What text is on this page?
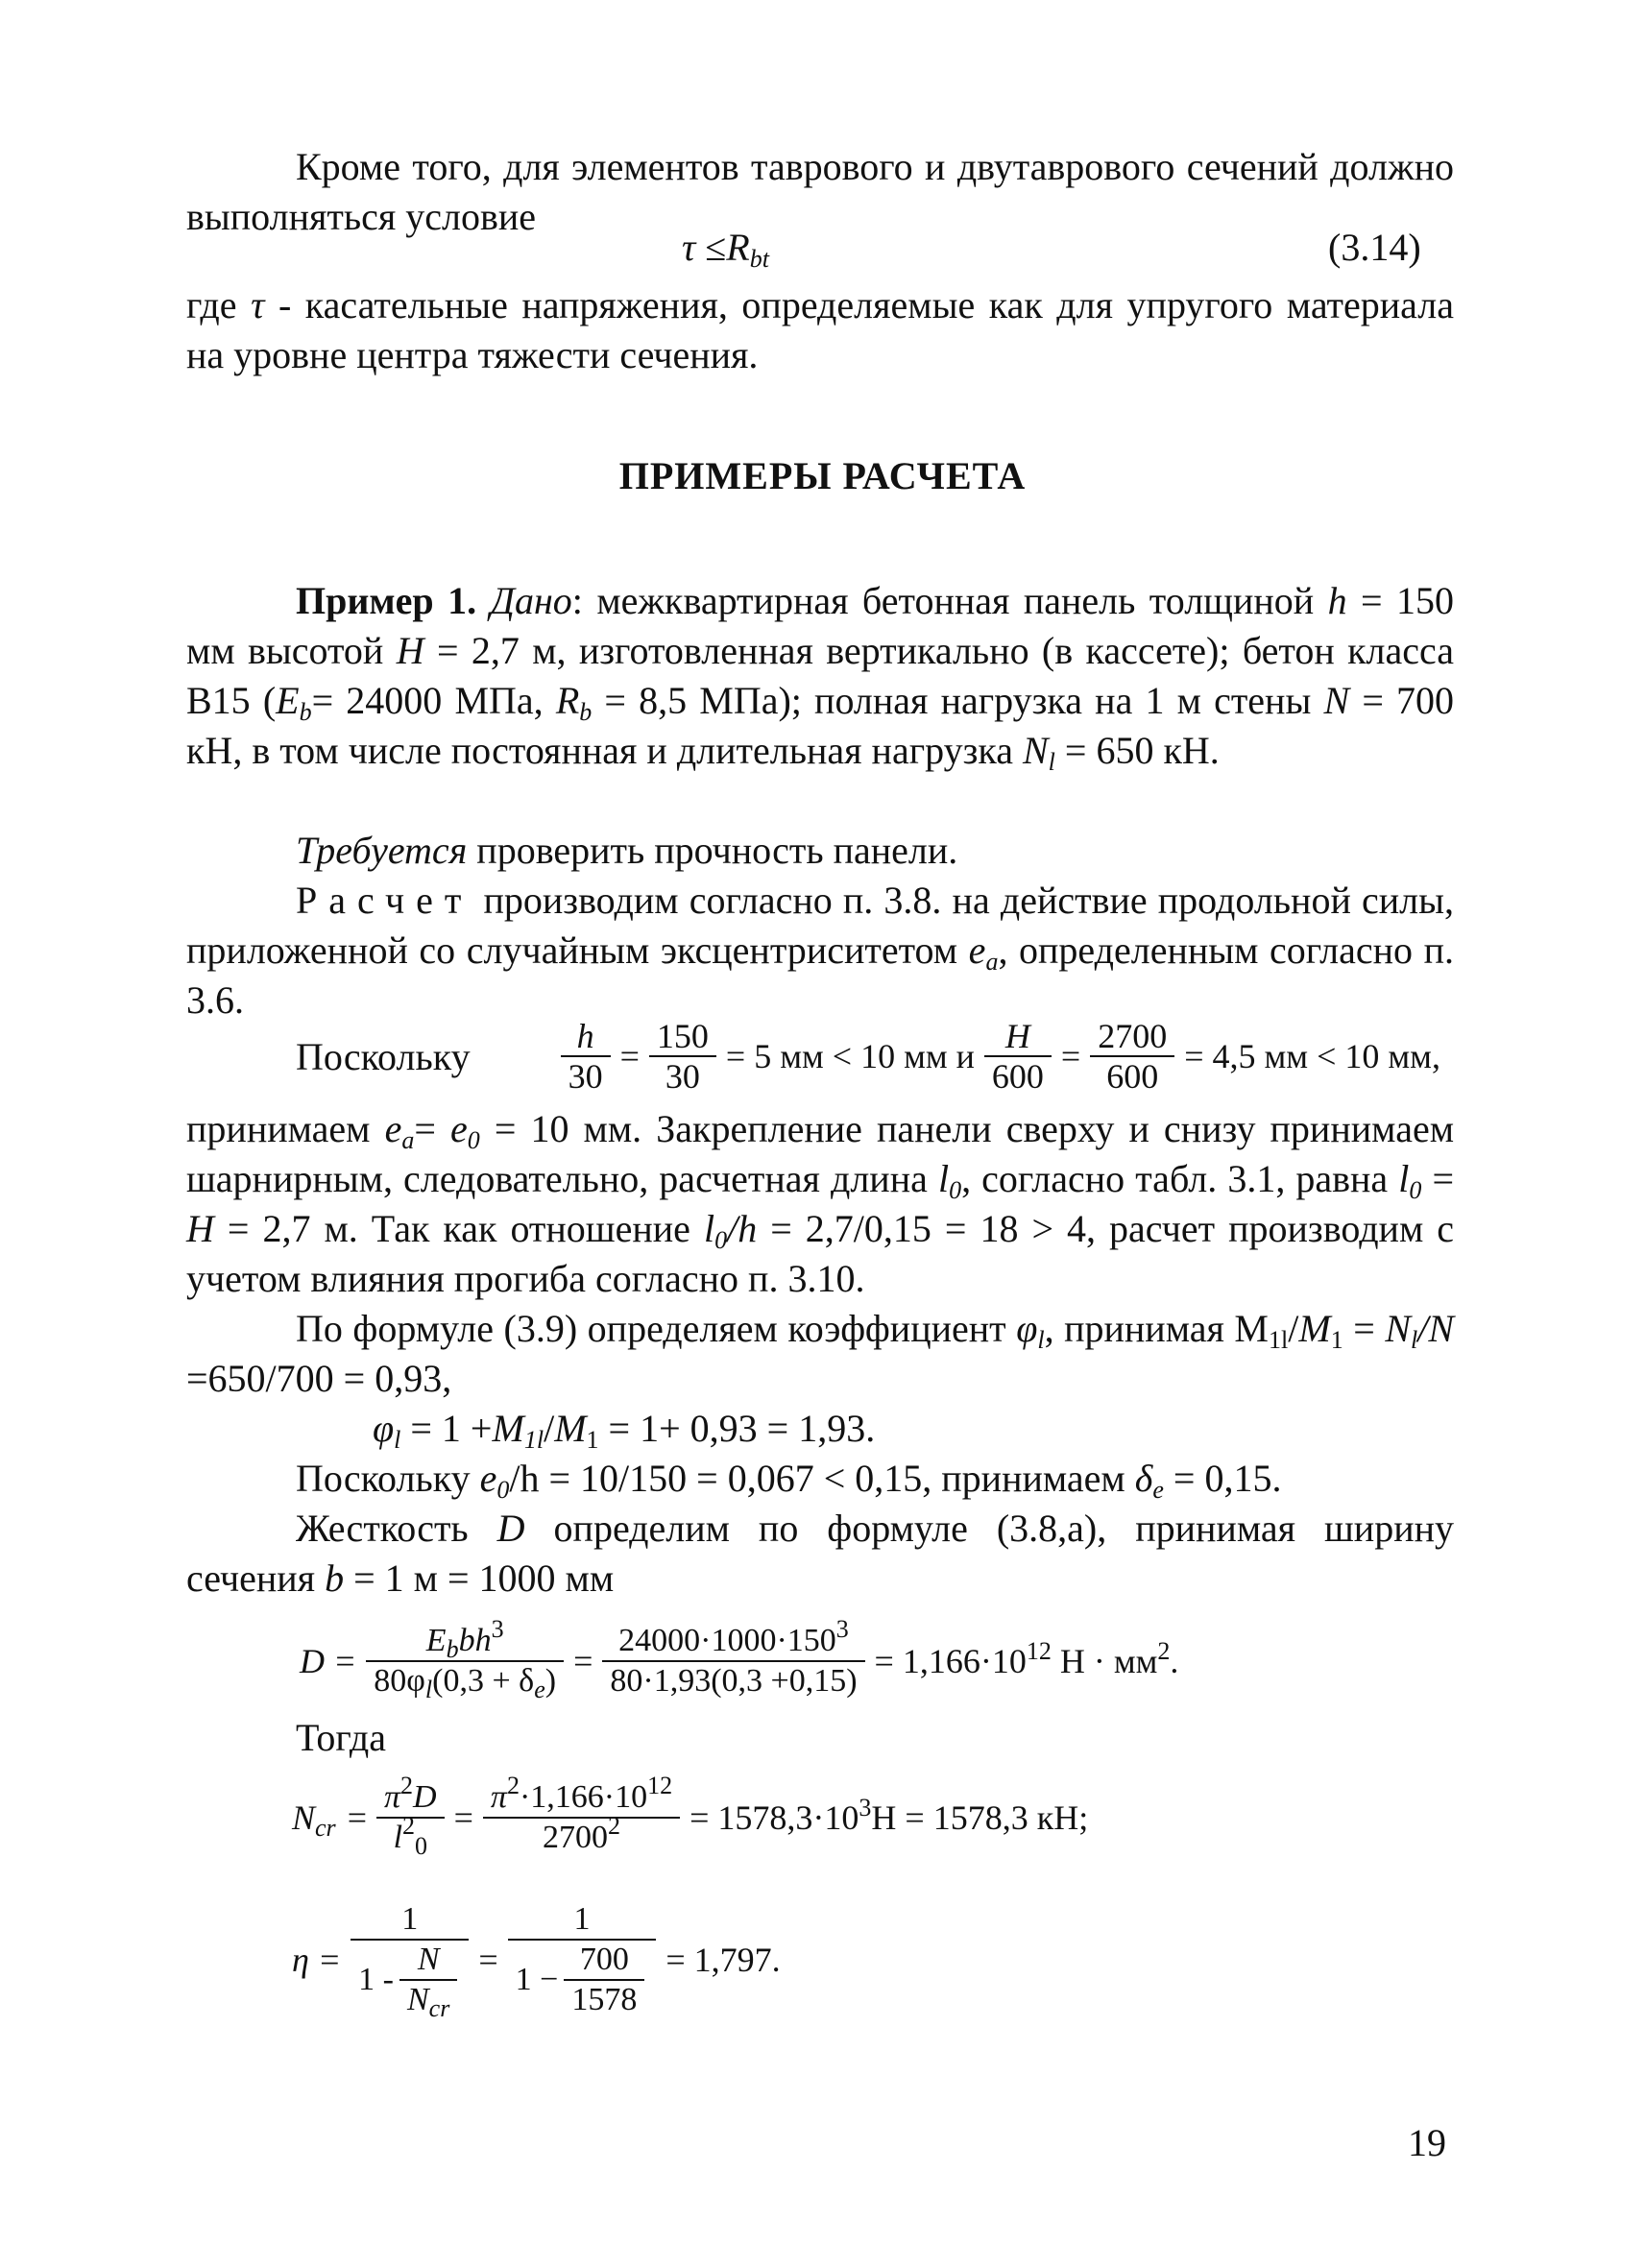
Кроме того, для элементов таврового и двутаврового сечений должно выполняться условие

$\tau \le R_{bt}$	(3.14)

где τ - касательные напряжения, определяемые как для упругого материала на уровне центра тяжести сечения.

ПРИМЕРЫ РАСЧЕТА

Пример 1. Дано: межквартирная бетонная панель толщиной h = 150 мм высотой H = 2,7 м, изготовленная вертикально (в кассете); бетон класса В15 ($E_b= 24000$ МПа, $R_b = 8,5$ МПа); полная нагрузка на 1 м стены N = 700 кН, в том числе постоянная и длительная нагрузка $N_l = 650$ кН.

Требуется проверить прочность панели.

Расчет производим согласно п. 3.8. на действие продольной силы, приложенной со случайным эксцентриситетом $e_a$, определенным согласно п. 3.6.

Поскольку	$\frac{h}{30} = \frac{150}{30} = 5$ мм < 10 мм и $\frac{H}{600} = \frac{2700}{600} = 4,5$ мм < 10 мм,

принимаем $e_a= e_0 = 10$ мм. Закрепление панели сверху и снизу принимаем шарнирным, следовательно, расчетная длина $l_0$, согласно табл. 3.1, равна $l_0 = H = 2,7$ м. Так как отношение $l_0/h = 2,7/0,15 = 18 > 4$, расчет производим с учетом влияния прогиба согласно п. 3.10.

По формуле (3.9) определяем коэффициент $\varphi_l$, принимая $М_{1l}/M_1 = N_l/N =650/700 = 0,93$,

$\varphi_l = 1 +M_{1l}/M_1 = 1+ 0,93 = 1,93$.
Поскольку $e_0/h = 10/150 = 0,067 < 0,15$, принимаем $\delta_e = 0,15$.

Жесткость D определим по формуле (3.8,а), принимая ширину сечения b = 1 м = 1000 мм

$D = \frac{E_bbh^3}{80\varphi_l(0,3 + \delta_e)} = \frac{24000\cdot 1000\cdot 150^3}{80\cdot 1,93(0,3 +0,15)} = 1,166\cdot 10^{12}$ $Н \cdot мм^2$.
Тогда
$N_{cr} = \frac{\pi^2D}{l^2_0} = \frac{\pi^2\cdot 1,166\cdot 10^{12}}{2700^2} = 1578,3\cdot 10^3Н = 1578,3$ кН;
$\eta = \frac{1}{1 - \frac{N}{N_{cr}}} = \frac{1}{1 - \frac{700}{1578}} = 1,797$.
19
